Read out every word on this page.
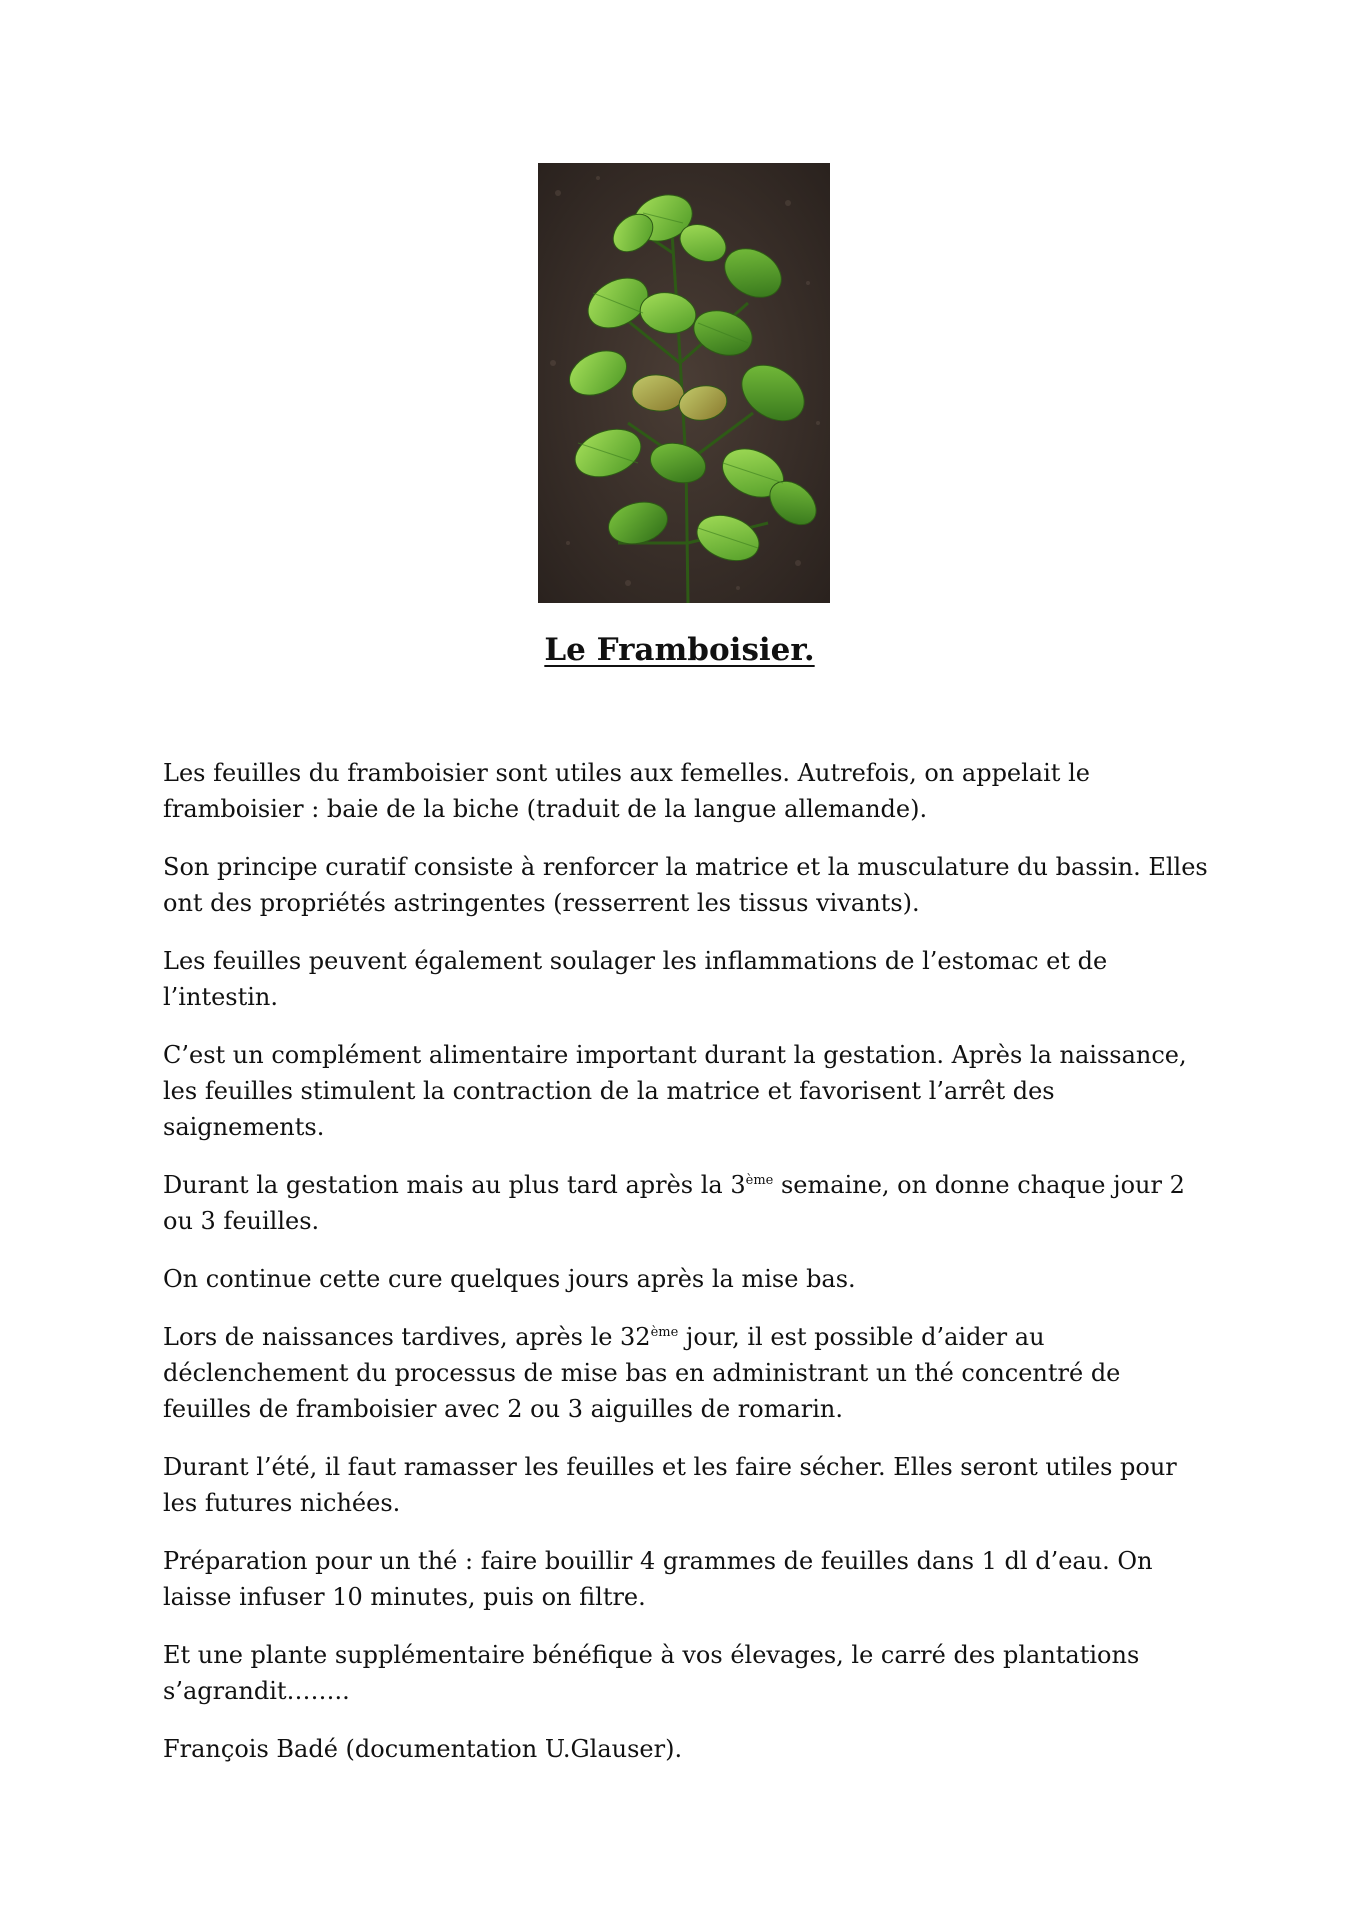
Le Framboisier.

Les feuilles du framboisier sont utiles aux femelles. Autrefois, on appelait le framboisier : baie de la biche (traduit de la langue allemande).

Son principe curatif consiste à renforcer la matrice et la musculature du bassin. Elles ont des propriétés astringentes (resserrent les tissus vivants).

Les feuilles peuvent également soulager les inflammations de l’estomac et de l’intestin.

C’est un complément alimentaire important durant la gestation. Après la naissance, les feuilles stimulent la contraction de la matrice et favorisent l’arrêt des saignements.

Durant la gestation mais au plus tard après la 3ème semaine, on donne chaque jour 2 ou 3 feuilles.

On continue cette cure quelques jours après la mise bas.

Lors de naissances tardives, après le 32ème jour, il est possible d’aider au déclenchement du processus de mise bas en administrant un thé concentré de feuilles de framboisier avec 2 ou 3 aiguilles de romarin.

Durant l’été, il faut ramasser les feuilles et les faire sécher. Elles seront utiles pour les futures nichées.

Préparation pour un thé : faire bouillir 4 grammes de feuilles dans 1 dl d’eau. On laisse infuser 10 minutes, puis on filtre.

Et une plante supplémentaire bénéfique à vos élevages, le carré des plantations s’agrandit……..

François Badé (documentation U.Glauser).
